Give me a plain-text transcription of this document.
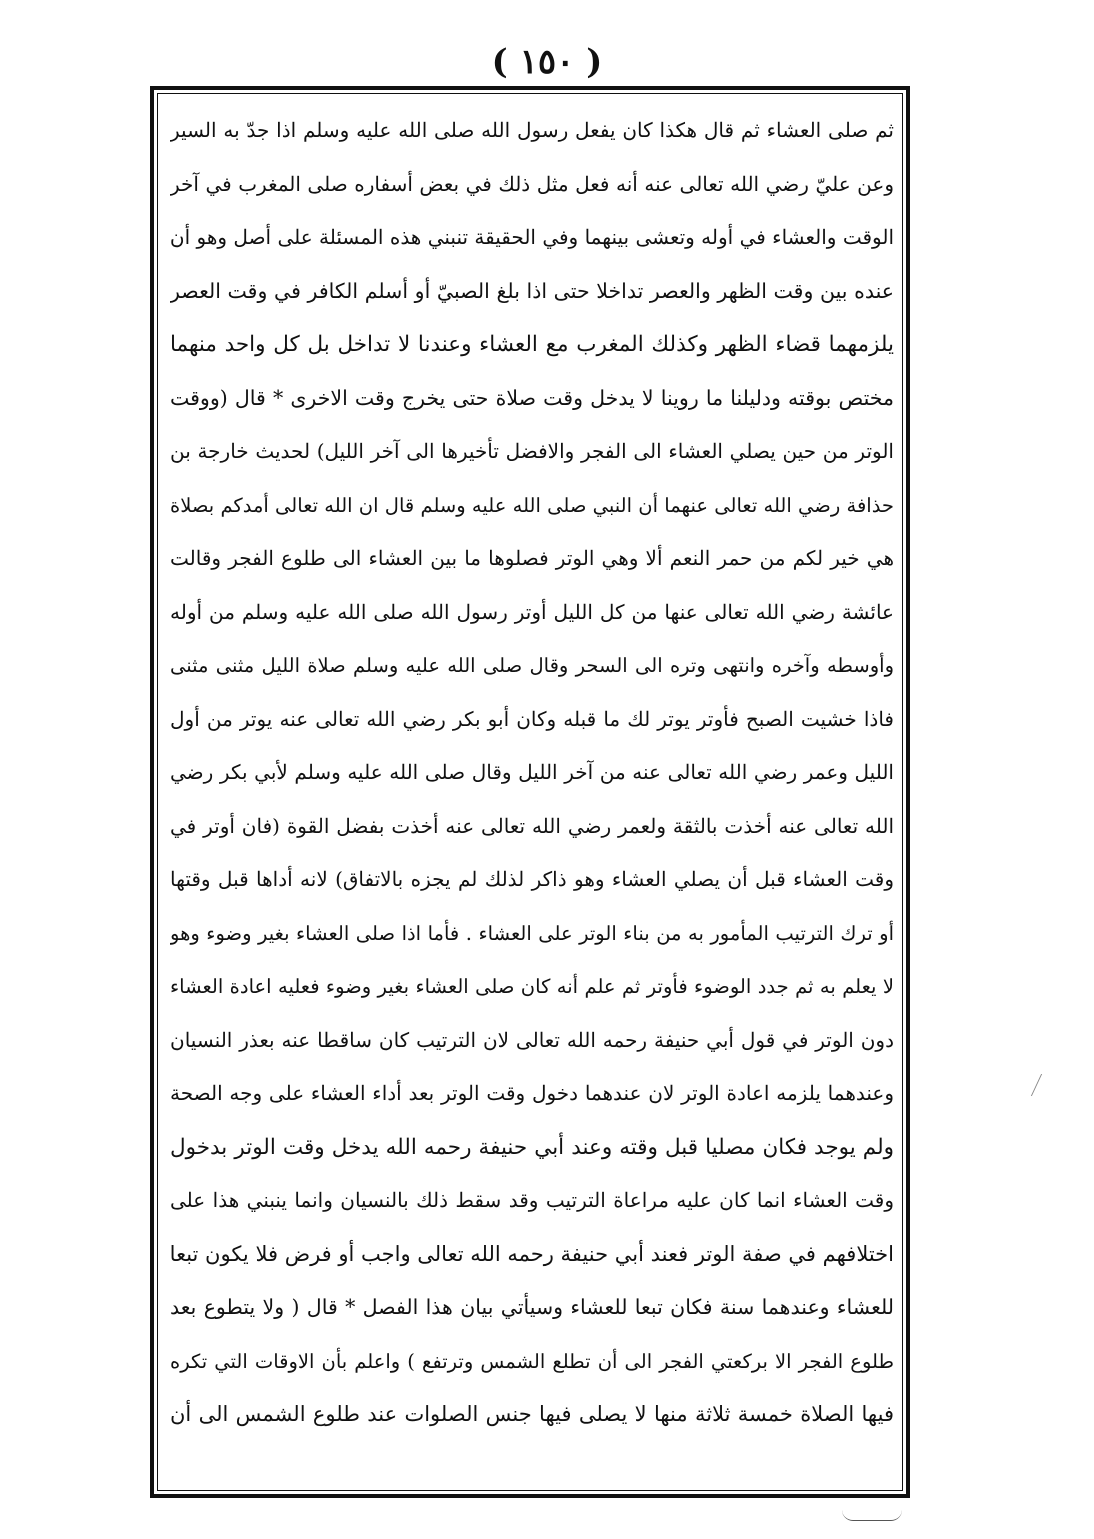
( ١٥٠ )
ثم صلى العشاء ثم قال هكذا كان يفعل رسول الله صلى الله عليه وسلم اذا جدّ به السير
وعن عليّ رضي الله تعالى عنه أنه فعل مثل ذلك في بعض أسفاره صلى المغرب في آخر
الوقت والعشاء في أوله وتعشى بينهما وفي الحقيقة تنبني هذه المسئلة على أصل وهو أن
عنده بين وقت الظهر والعصر تداخلا حتى اذا بلغ الصبيّ أو أسلم الكافر في وقت العصر
يلزمهما قضاء الظهر وكذلك المغرب مع العشاء وعندنا لا تداخل بل كل واحد منهما
مختص بوقته ودليلنا ما روينا لا يدخل وقت صلاة حتى يخرج وقت الاخرى * قال (ووقت
الوتر من حين يصلي العشاء الى الفجر والافضل تأخيرها الى آخر الليل) لحديث خارجة بن
حذافة رضي الله تعالى عنهما أن النبي صلى الله عليه وسلم قال ان الله تعالى أمدكم بصلاة
هي خير لكم من حمر النعم ألا وهي الوتر فصلوها ما بين العشاء الى طلوع الفجر وقالت
عائشة رضي الله تعالى عنها من كل الليل أوتر رسول الله صلى الله عليه وسلم من أوله
وأوسطه وآخره وانتهى وتره الى السحر وقال صلى الله عليه وسلم صلاة الليل مثنى مثنى
فاذا خشيت الصبح فأوتر يوتر لك ما قبله وكان أبو بكر رضي الله تعالى عنه يوتر من أول
الليل وعمر رضي الله تعالى عنه من آخر الليل وقال صلى الله عليه وسلم لأبي بكر رضي
الله تعالى عنه أخذت بالثقة ولعمر رضي الله تعالى عنه أخذت بفضل القوة (فان أوتر في
وقت العشاء قبل أن يصلي العشاء وهو ذاكر لذلك لم يجزه بالاتفاق) لانه أداها قبل وقتها
أو ترك الترتيب المأمور به من بناء الوتر على العشاء . فأما اذا صلى العشاء بغير وضوء وهو
لا يعلم به ثم جدد الوضوء فأوتر ثم علم أنه كان صلى العشاء بغير وضوء فعليه اعادة العشاء
دون الوتر في قول أبي حنيفة رحمه الله تعالى لان الترتيب كان ساقطا عنه بعذر النسيان
وعندهما يلزمه اعادة الوتر لان عندهما دخول وقت الوتر بعد أداء العشاء على وجه الصحة
ولم يوجد فكان مصليا قبل وقته وعند أبي حنيفة رحمه الله يدخل وقت الوتر بدخول
وقت العشاء انما كان عليه مراعاة الترتيب وقد سقط ذلك بالنسيان وانما ينبني هذا على
اختلافهم في صفة الوتر فعند أبي حنيفة رحمه الله تعالى واجب أو فرض فلا يكون تبعا
للعشاء وعندهما سنة فكان تبعا للعشاء وسيأتي بيان هذا الفصل * قال ( ولا يتطوع بعد
طلوع الفجر الا بركعتي الفجر الى أن تطلع الشمس وترتفع ) واعلم بأن الاوقات التي تكره
فيها الصلاة خمسة ثلاثة منها لا يصلى فيها جنس الصلوات عند طلوع الشمس الى أن
